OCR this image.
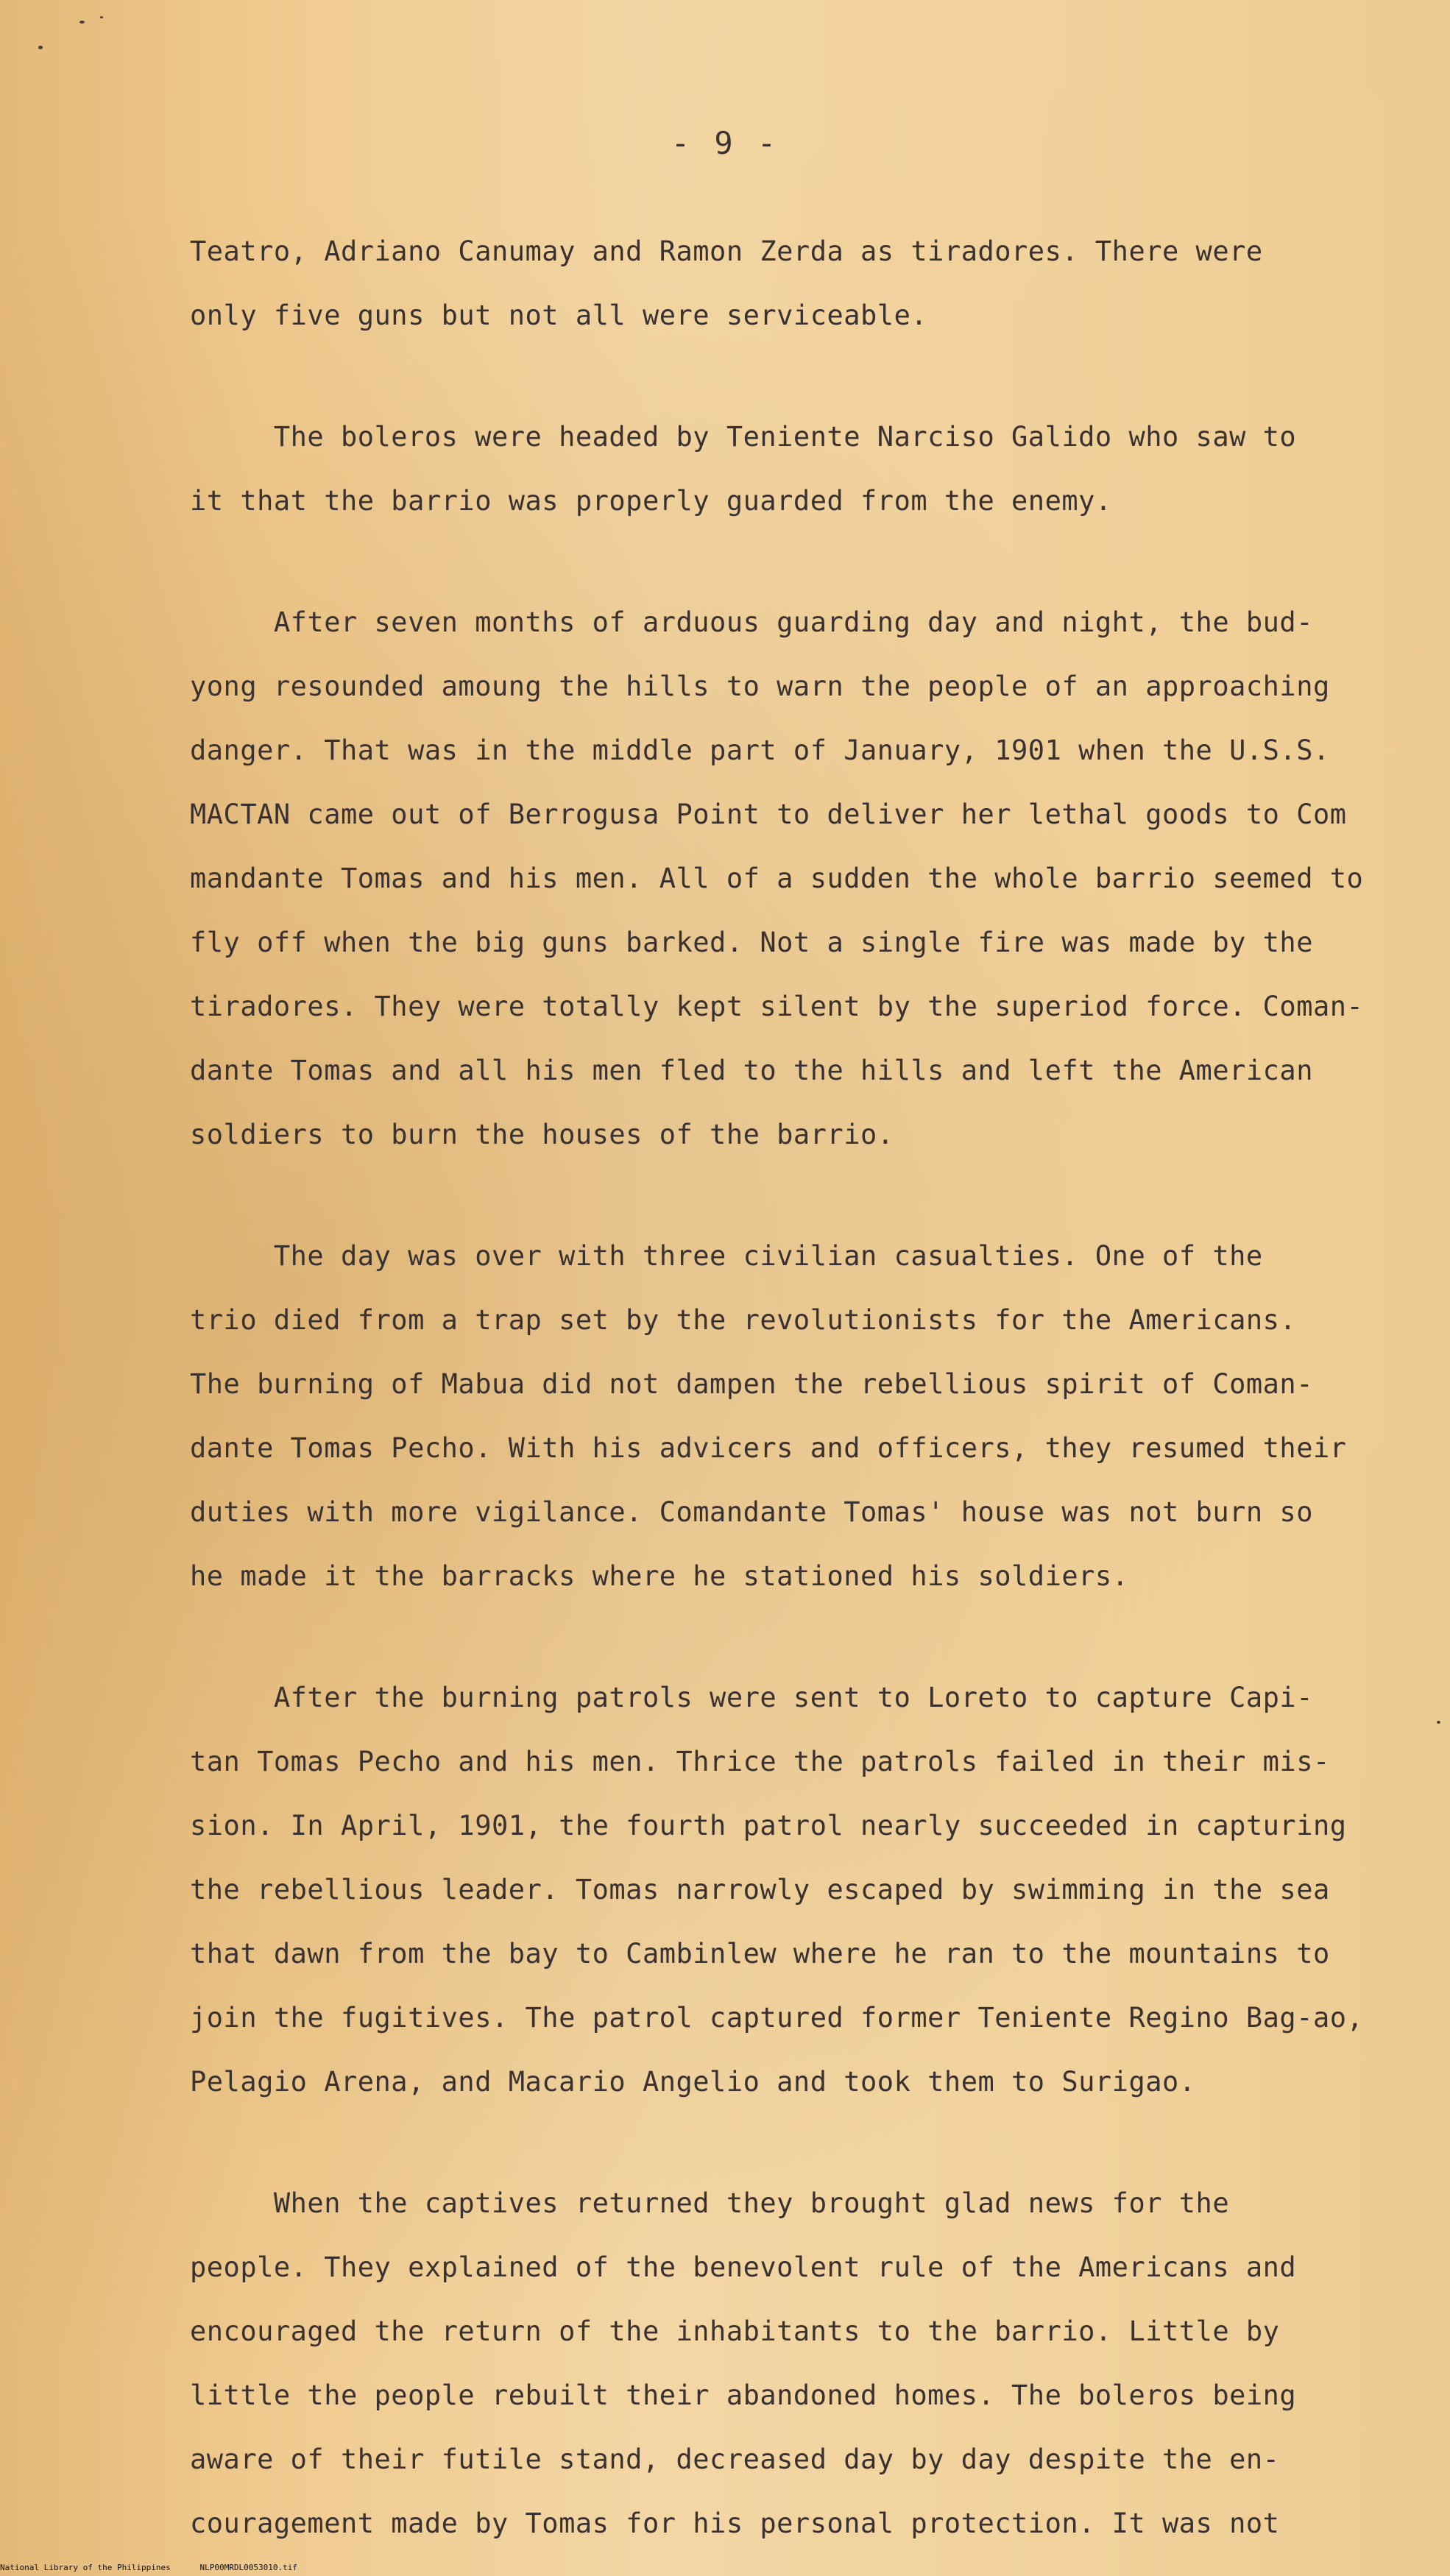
- 9 -

Teatro, Adriano Canumay and Ramon Zerda as tiradores. There were
only five guns but not all were serviceable.

The boleros were headed by Teniente Narciso Galido who saw to
it that the barrio was properly guarded from the enemy.

After seven months of arduous guarding day and night, the bud-
yong resounded amoung the hills to warn the people of an approaching
danger. That was in the middle part of January, 1901 when the U.S.S.
MACTAN came out of Berrogusa Point to deliver her lethal goods to Com
mandante Tomas and his men. All of a sudden the whole barrio seemed to
fly off when the big guns barked. Not a single fire was made by the
tiradores. They were totally kept silent by the superiod force. Coman-
dante Tomas and all his men fled to the hills and left the American
soldiers to burn the houses of the barrio.

The day was over with three civilian casualties. One of the
trio died from a trap set by the revolutionists for the Americans.
The burning of Mabua did not dampen the rebellious spirit of Coman-
dante Tomas Pecho. With his advicers and officers, they resumed their
duties with more vigilance. Comandante Tomas' house was not burn so
he made it the barracks where he stationed his soldiers.

After the burning patrols were sent to Loreto to capture Capi-
tan Tomas Pecho and his men. Thrice the patrols failed in their mis-
sion. In April, 1901, the fourth patrol nearly succeeded in capturing
the rebellious leader. Tomas narrowly escaped by swimming in the sea
that dawn from the bay to Cambinlew where he ran to the mountains to
join the fugitives. The patrol captured former Teniente Regino Bag-ao,
Pelagio Arena, and Macario Angelio and took them to Surigao.

When the captives returned they brought glad news for the
people. They explained of the benevolent rule of the Americans and
encouraged the return of the inhabitants to the barrio. Little by
little the people rebuilt their abandoned homes. The boleros being
aware of their futile stand, decreased day by day despite the en-
couragement made by Tomas for his personal protection. It was not

National Library of the Philippines	NLP00MRDL0053010.tif
